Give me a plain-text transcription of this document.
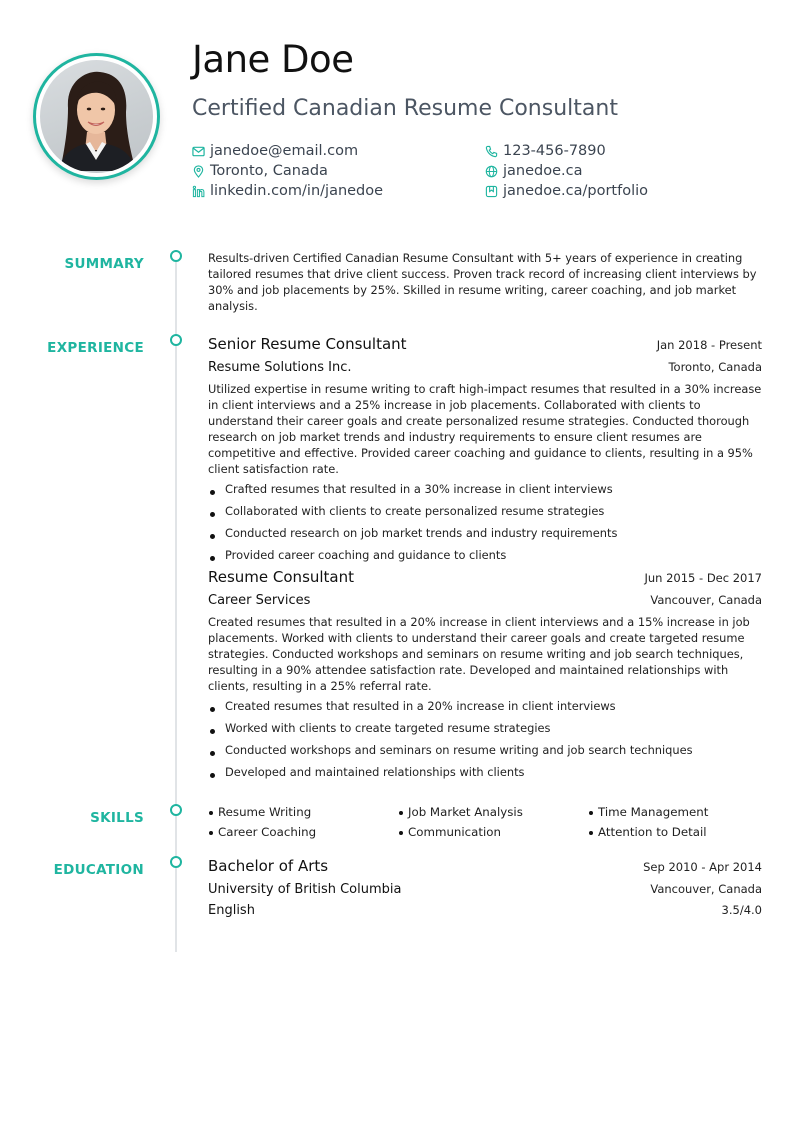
Jane Doe
Certified Canadian Resume Consultant
janedoe@email.com	123-456-7890
Toronto, Canada	janedoe.ca
linkedin.com/in/janedoe	janedoe.ca/portfolio
SUMMARY	Results-driven Certified Canadian Resume Consultant with 5+ years of experience in creating tailored resumes that drive client success. Proven track record of increasing client interviews by 30% and job placements by 25%. Skilled in resume writing, career coaching, and job market analysis.

EXPERIENCE	Senior Resume Consultant	Jan 2018 - Present
Resume Solutions Inc.	Toronto, Canada

Utilized expertise in resume writing to craft high-impact resumes that resulted in a 30% increase in client interviews and a 25% increase in job placements. Collaborated with clients to understand their career goals and create personalized resume strategies. Conducted thorough research on job market trends and industry requirements to ensure client resumes are competitive and effective. Provided career coaching and guidance to clients, resulting in a 95% client satisfaction rate.

Crafted resumes that resulted in a 30% increase in client interviews
Collaborated with clients to create personalized resume strategies
Conducted research on job market trends and industry requirements
Provided career coaching and guidance to clients
Resume Consultant	Jun 2015 - Dec 2017
Career Services	Vancouver, Canada

Created resumes that resulted in a 20% increase in client interviews and a 15% increase in job placements. Worked with clients to understand their career goals and create targeted resume strategies. Conducted workshops and seminars on resume writing and job search techniques, resulting in a 90% attendee satisfaction rate. Developed and maintained relationships with clients, resulting in a 25% referral rate.

Created resumes that resulted in a 20% increase in client interviews
Worked with clients to create targeted resume strategies
Conducted workshops and seminars on resume writing and job search techniques
Developed and maintained relationships with clients
SKILLS	Resume Writing	Job Market Analysis	Time Management
Career Coaching	Communication	Attention to Detail
EDUCATION	Bachelor of Arts	Sep 2010 - Apr 2014
University of British Columbia	Vancouver, Canada
English	3.5/4.0
